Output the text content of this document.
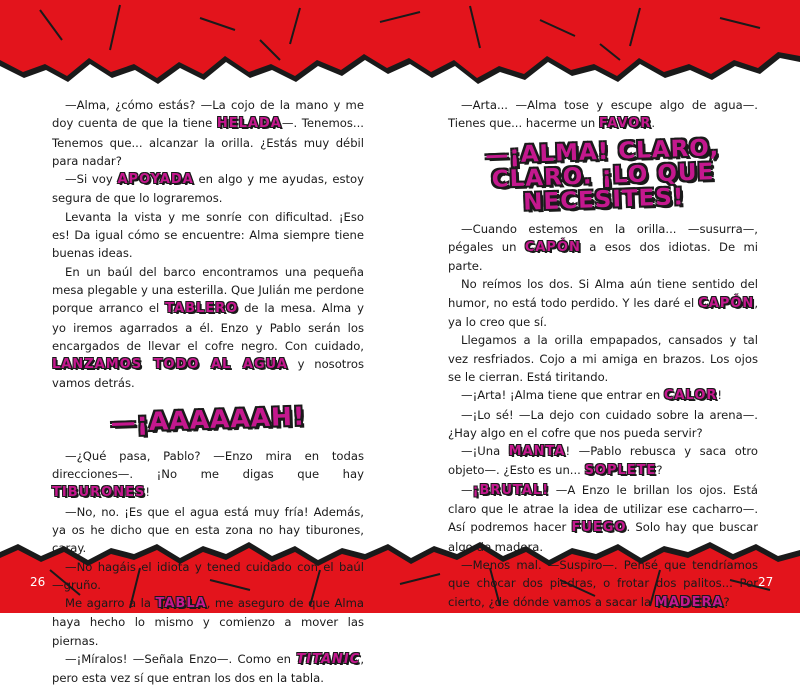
—Alma, ¿cómo estás? —La cojo de la mano y me doy cuenta de que la tiene HELADA—. Tenemos... Tenemos que... alcanzar la orilla. ¿Estás muy débil para nadar?

—Si voy APOYADA en algo y me ayudas, estoy segura de que lo lograremos.

Levanta la vista y me sonríe con dificultad. ¡Eso es! Da igual cómo se encuentre: Alma siempre tiene buenas ideas.

En un baúl del barco encontramos una pequeña mesa plegable y una esterilla. Que Julián me perdone porque arranco el TABLERO de la mesa. Alma y yo iremos agarrados a él. Enzo y Pablo serán los encargados de llevar el cofre negro. Con cuidado, LANZAMOS TODO AL AGUA y nosotros vamos detrás.

—¡AAAAAAH!

—¿Qué pasa, Pablo? —Enzo mira en todas direcciones—. ¡No me digas que hay TIBURONES!

—No, no. ¡Es que el agua está muy fría! Además, ya os he dicho que en esta zona no hay tiburones, caray.

—No hagáis el idiota y tened cuidado con el baúl —gruño.

Me agarro a la TABLA, me aseguro de que Alma haya hecho lo mismo y comienzo a mover las piernas.

—¡Míralos! —Señala Enzo—. Como en TITANIC, pero esta vez sí que entran los dos en la tabla.

—Arta... —Alma tose y escupe algo de agua—. Tienes que... hacerme un FAVOR.

—¡ALMA! CLARO, CLARO. ¡LO QUE NECESITES!

—Cuando estemos en la orilla... —susurra—, pégales un CAPÓN a esos dos idiotas. De mi parte.

No reímos los dos. Si Alma aún tiene sentido del humor, no está todo perdido. Y les daré el CAPÓN, ya lo creo que sí.

Llegamos a la orilla empapados, cansados y tal vez resfriados. Cojo a mi amiga en brazos. Los ojos se le cierran. Está tiritando.

—¡Arta! ¡Alma tiene que entrar en CALOR!

—¡Lo sé! —La dejo con cuidado sobre la arena—. ¿Hay algo en el cofre que nos pueda servir?

—¡Una MANTA! —Pablo rebusca y saca otro objeto—. ¿Esto es un... SOPLETE?

—¡BRUTAL! —A Enzo le brillan los ojos. Está claro que le atrae la idea de utilizar ese cacharro—. Así podremos hacer FUEGO. Solo hay que buscar algo de madera.

—Menos mal. —Suspiro—. Pensé que tendríamos que chocar dos piedras, o frotar dos palitos... Por cierto, ¿de dónde vamos a sacar la MADERA?

26	27
